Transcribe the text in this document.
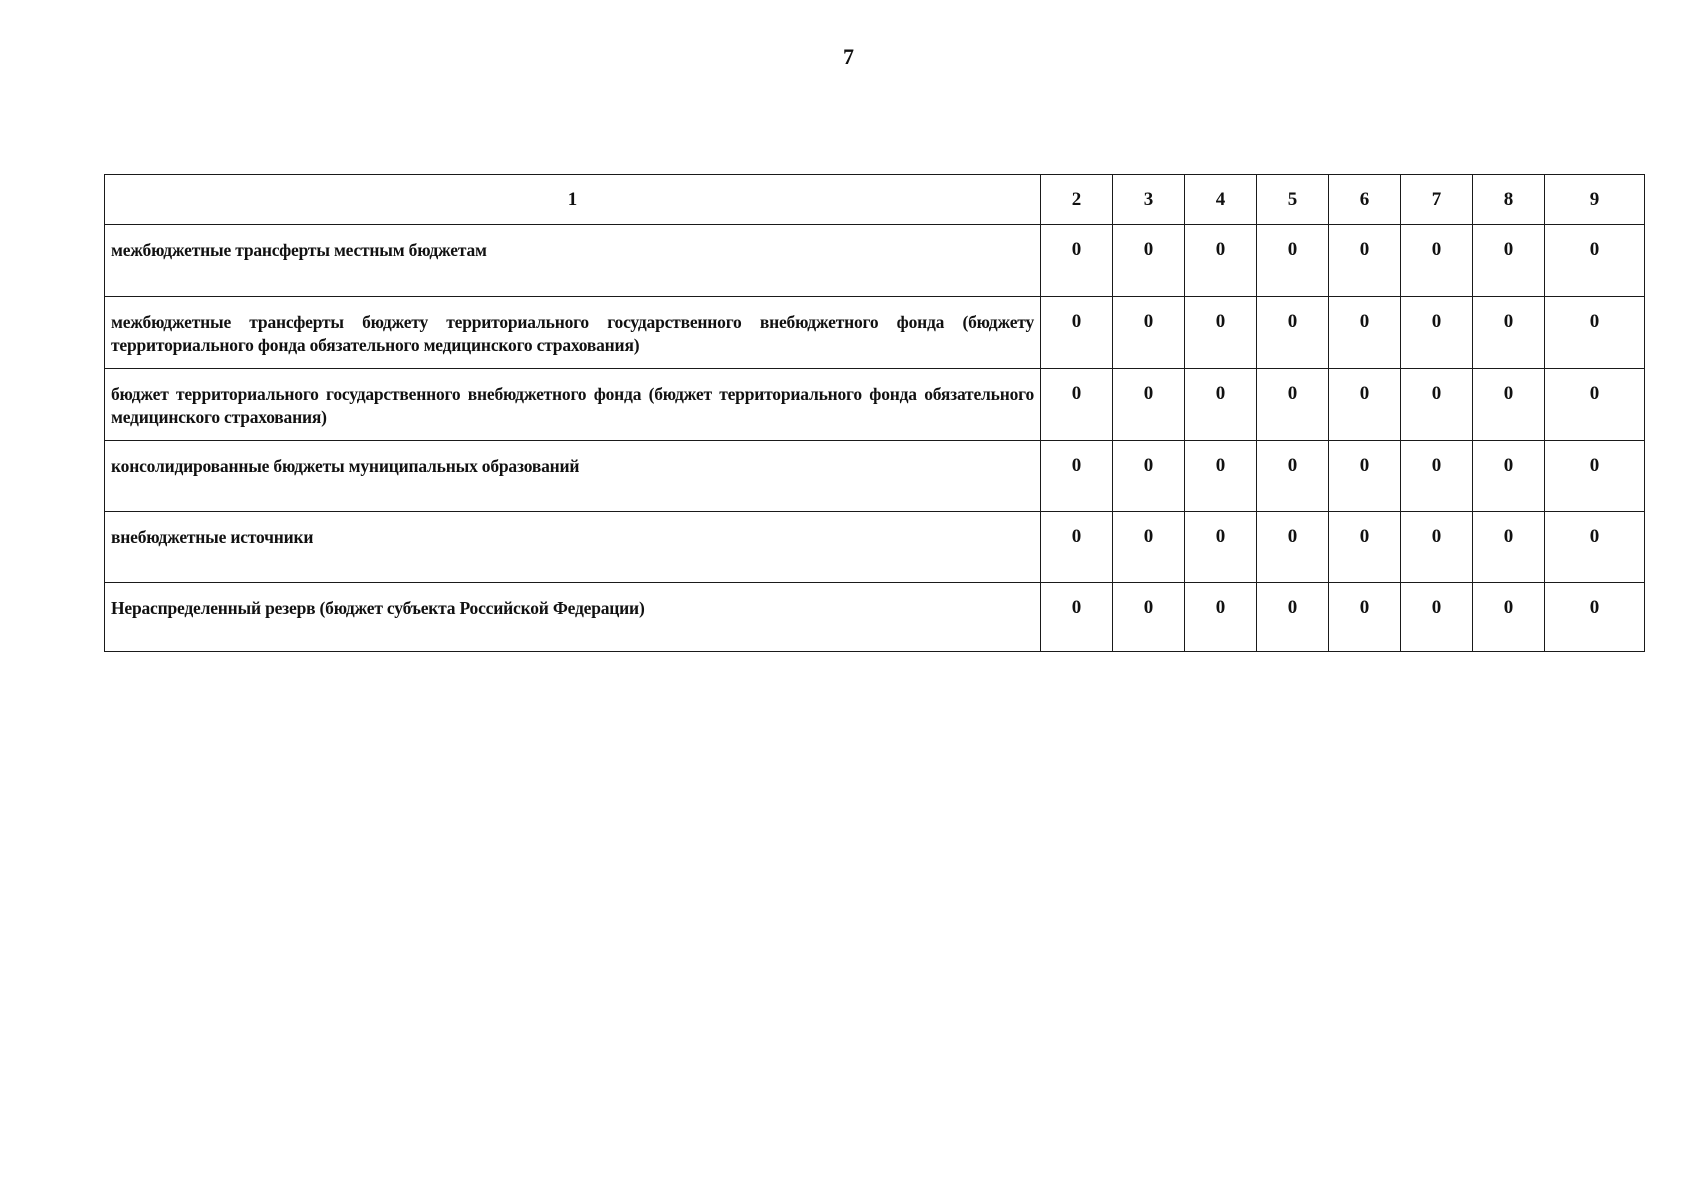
7
1	2	3	4	5	6	7	8	9
межбюджетные трансферты местным бюджетам	0	0	0	0	0	0	0	0
межбюджетные трансферты бюджету территориального государственного внебюджетного фонда (бюджету территориального фонда обязательного медицинского страхования)	0	0	0	0	0	0	0	0
бюджет территориального государственного внебюджетного фонда (бюджет территориального фонда обязательного медицинского страхования)	0	0	0	0	0	0	0	0
консолидированные бюджеты муниципальных образований	0	0	0	0	0	0	0	0
внебюджетные источники	0	0	0	0	0	0	0	0
Нераспределенный резерв (бюджет субъекта Российской Федерации)	0	0	0	0	0	0	0	0
